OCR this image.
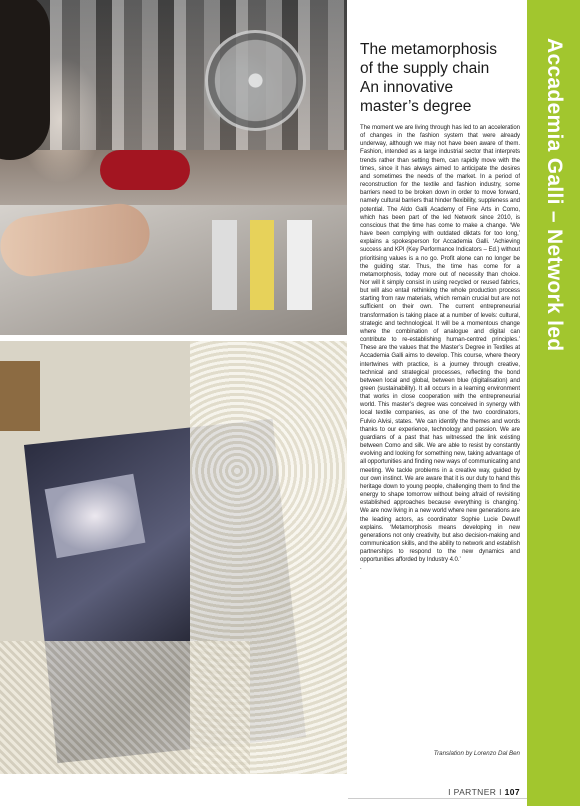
The metamorphosis
of the supply chain
An innovative
master’s degree

The moment we are living through has led to an acceleration of changes in the fashion system that were already underway, although we may not have been aware of them. Fashion, intended as a large industrial sector that interprets trends rather than setting them, can rapidly move with the times, since it has always aimed to anticipate the desires and sometimes the needs of the market. In a period of reconstruction for the textile and fashion industry, some barriers need to be broken down in order to move forward, namely cultural barriers that hinder flexibility, suppleness and potential. The Aldo Galli Academy of Fine Arts in Como, which has been part of the led Network since 2010, is conscious that the time has come to make a change. ‘We have been complying with outdated diktats for too long,’ explains a spokesperson for Accademia Galli. ‘Achieving success and KPI (Key Performance Indicators – Ed.) without prioritising values is a no go. Profit alone can no longer be the guiding star. Thus, the time has come for a metamorphosis, today more out of necessity than choice. Nor will it simply consist in using recycled or reused fabrics, but will also entail rethinking the whole production process starting from raw materials, which remain crucial but are not sufficient on their own. The current entrepreneurial transformation is taking place at a number of levels: cultural, strategic and technological. It will be a momentous change where the combination of analogue and digital can contribute to re-establishing human-centred principles.’ These are the values that the Master’s Degree in Textiles at Accademia Galli aims to develop. This course, where theory intertwines with practice, is a journey through creative, technical and strategical processes, reflecting the bond between local and global, between blue (digitalisation) and green (sustainability). It all occurs in a learning environment that works in close cooperation with the entrepreneurial world. This master’s degree was conceived in synergy with local textile companies, as one of the two coordinators, Fulvio Alvisi, states. ‘We can identify the themes and words thanks to our experience, technology and passion. We are guardians of a past that has witnessed the link existing between Como and silk. We are able to resist by constantly evolving and looking for something new, taking advantage of all opportunities and finding new ways of communicating and meeting. We tackle problems in a creative way, guided by our own instinct. We are aware that it is our duty to hand this heritage down to young people, challenging them to find the energy to shape tomorrow without being afraid of revisiting established approaches because everything is changing.’ We are now living in a new world where new generations are the leading actors, as coordinator Sophie Lucie Dewulf explains. ‘Metamorphosis means developing in new generations not only creativity, but also decision-making and communication skills, and the ability to network and establish partnerships to respond to the new dynamics and opportunities afforded by Industry 4.0.’

.

Translation by Lorenzo Dal Ben
Accademia Galli – Network led
I PARTNER I 107
